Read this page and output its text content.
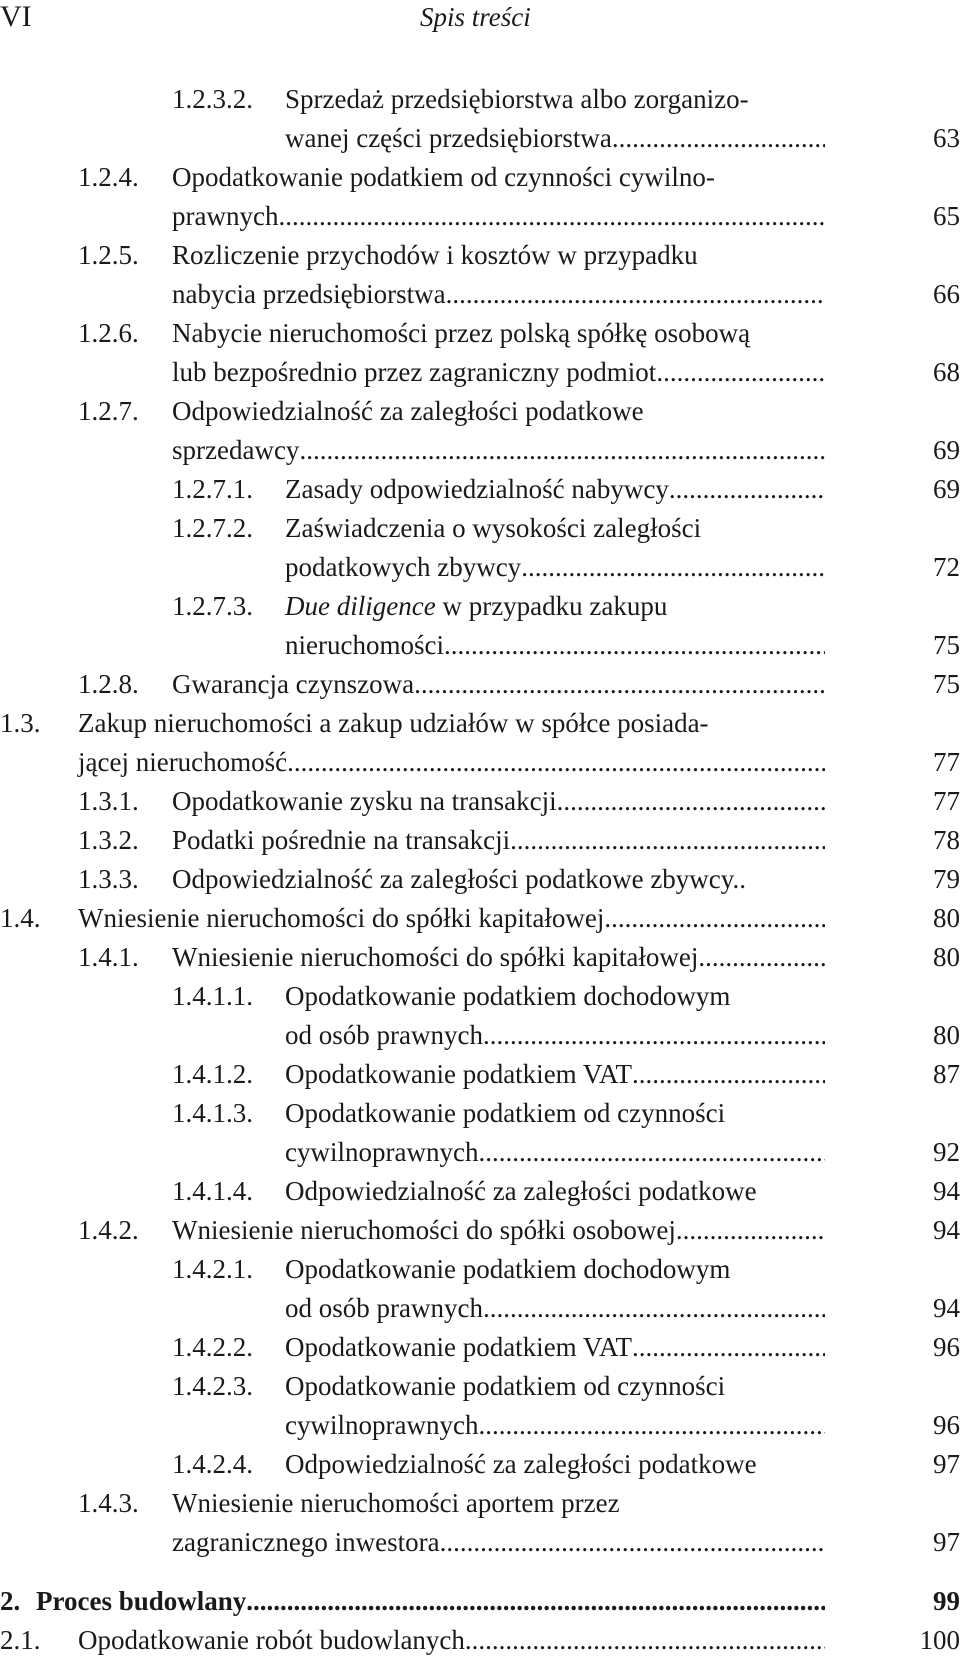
VI	Spis treści
1.2.3.2. Sprzedaż przedsiębiorstwa albo zorganizo-
wanej części przedsiębiorstwa .....	63
1.2.4. Opodatkowanie podatkiem od czynności cywilno-
prawnych .....	65
1.2.5. Rozliczenie przychodów i kosztów w przypadku
nabycia przedsiębiorstwa .....	66
1.2.6. Nabycie nieruchomości przez polską spółkę osobową
lub bezpośrednio przez zagraniczny podmiot .....	68
1.2.7. Odpowiedzialność za zaległości podatkowe
sprzedawcy .....	69
1.2.7.1. Zasady odpowiedzialność nabywcy .....	69
1.2.7.2. Zaświadczenia o wysokości zaległości
podatkowych zbywcy .....	72
1.2.7.3. Due diligence w przypadku zakupu
nieruchomości .....	75
1.2.8. Gwarancja czynszowa .....	75
1.3. Zakup nieruchomości a zakup udziałów w spółce posiada-
jącej nieruchomość .....	77
1.3.1. Opodatkowanie zysku na transakcji .....	77
1.3.2. Podatki pośrednie na transakcji .....	78
1.3.3. Odpowiedzialność za zaległości podatkowe zbywcy..	79
1.4. Wniesienie nieruchomości do spółki kapitałowej .....	80
1.4.1. Wniesienie nieruchomości do spółki kapitałowej .....	80
1.4.1.1. Opodatkowanie podatkiem dochodowym
od osób prawnych .....	80
1.4.1.2. Opodatkowanie podatkiem VAT .....	87
1.4.1.3. Opodatkowanie podatkiem od czynności
cywilnoprawnych .....	92
1.4.1.4. Odpowiedzialność za zaległości podatkowe	94
1.4.2. Wniesienie nieruchomości do spółki osobowej .....	94
1.4.2.1. Opodatkowanie podatkiem dochodowym
od osób prawnych .....	94
1.4.2.2. Opodatkowanie podatkiem VAT .....	96
1.4.2.3. Opodatkowanie podatkiem od czynności
cywilnoprawnych .....	96
1.4.2.4. Odpowiedzialność za zaległości podatkowe	97
1.4.3. Wniesienie nieruchomości aportem przez
zagranicznego inwestora .....	97
2. Proces budowlany .....	99
2.1. Opodatkowanie robót budowlanych .....	100
